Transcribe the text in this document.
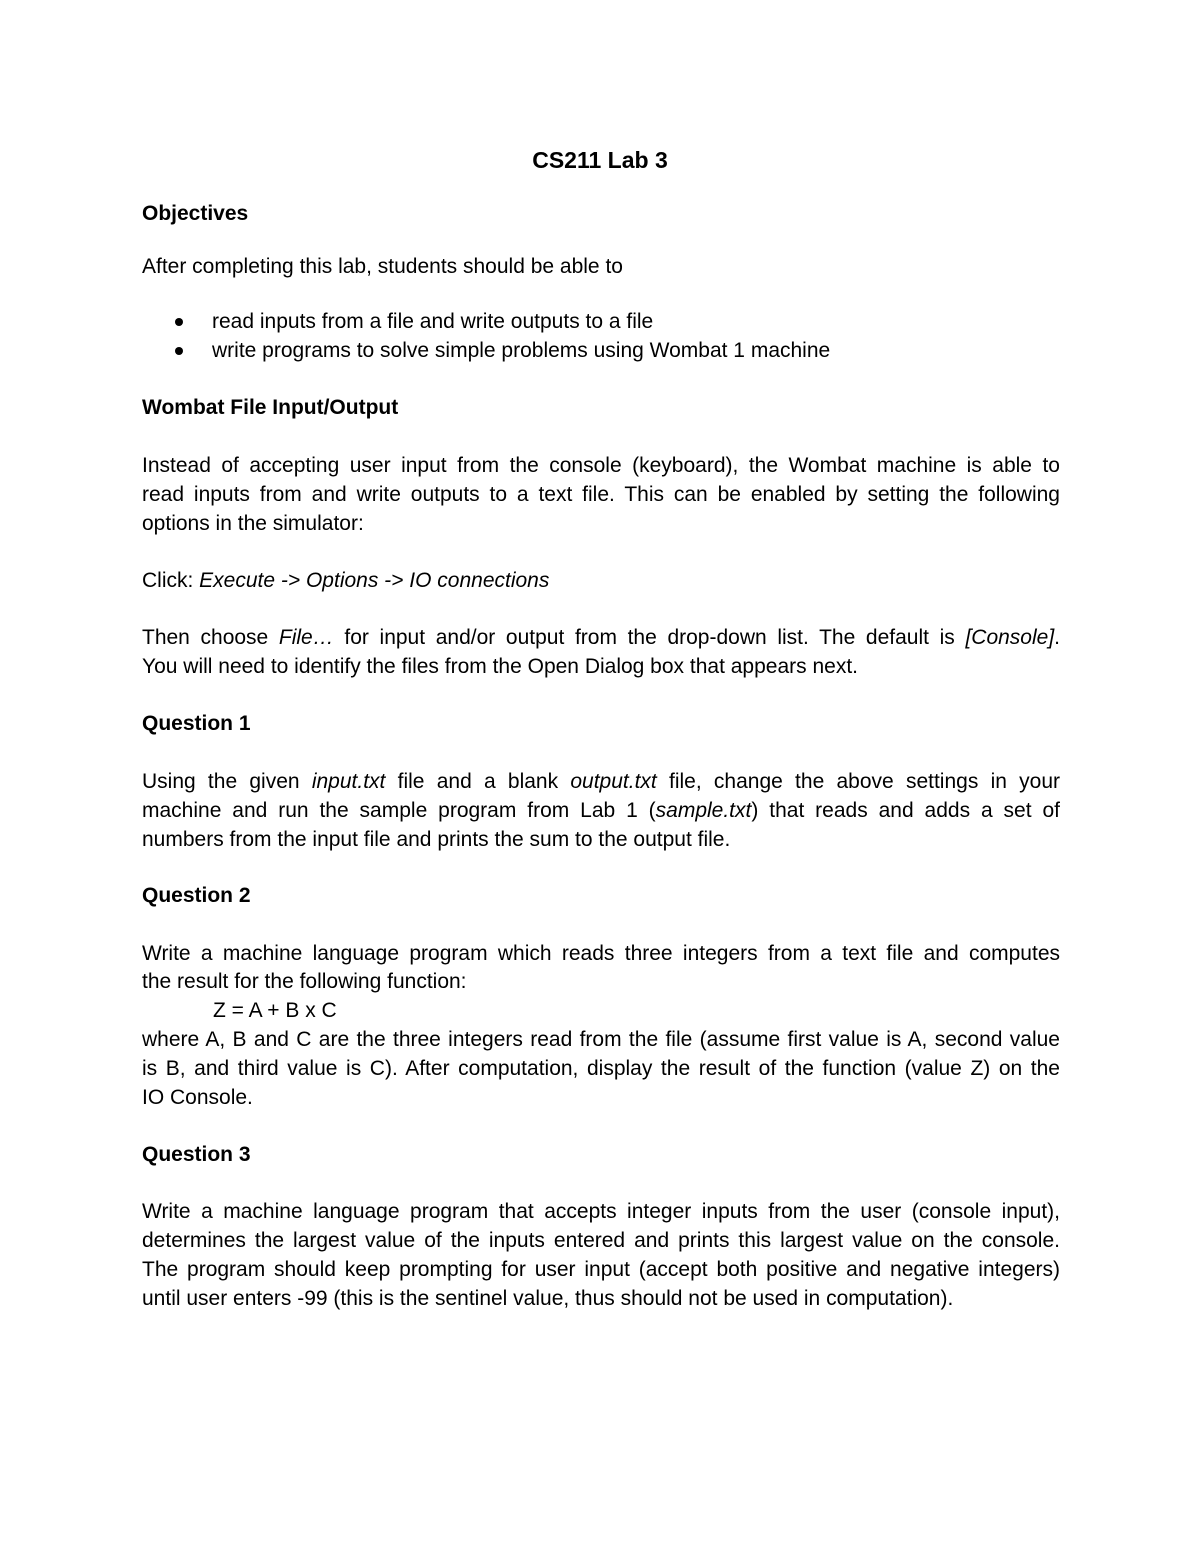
CS211 Lab 3
Objectives
After completing this lab, students should be able to
read inputs from a file and write outputs to a file
write programs to solve simple problems using Wombat 1 machine
Wombat File Input/Output
Instead of accepting user input from the console (keyboard), the Wombat machine is able to
read inputs from and write outputs to a text file. This can be enabled by setting the following
options in the simulator:
Click: Execute -> Options -> IO connections
Then choose File… for input and/or output from the drop-down list. The default is [Console].
You will need to identify the files from the Open Dialog box that appears next.
Question 1
Using the given input.txt file and a blank output.txt file, change the above settings in your
machine and run the sample program from Lab 1 (sample.txt) that reads and adds a set of
numbers from the input file and prints the sum to the output file.
Question 2
Write a machine language program which reads three integers from a text file and computes
the result for the following function:
Z = A + B x C
where A, B and C are the three integers read from the file (assume first value is A, second value
is B, and third value is C). After computation, display the result of the function (value Z) on the
IO Console.
Question 3
Write a machine language program that accepts integer inputs from the user (console input),
determines the largest value of the inputs entered and prints this largest value on the console.
The program should keep prompting for user input (accept both positive and negative integers)
until user enters -99 (this is the sentinel value, thus should not be used in computation).
